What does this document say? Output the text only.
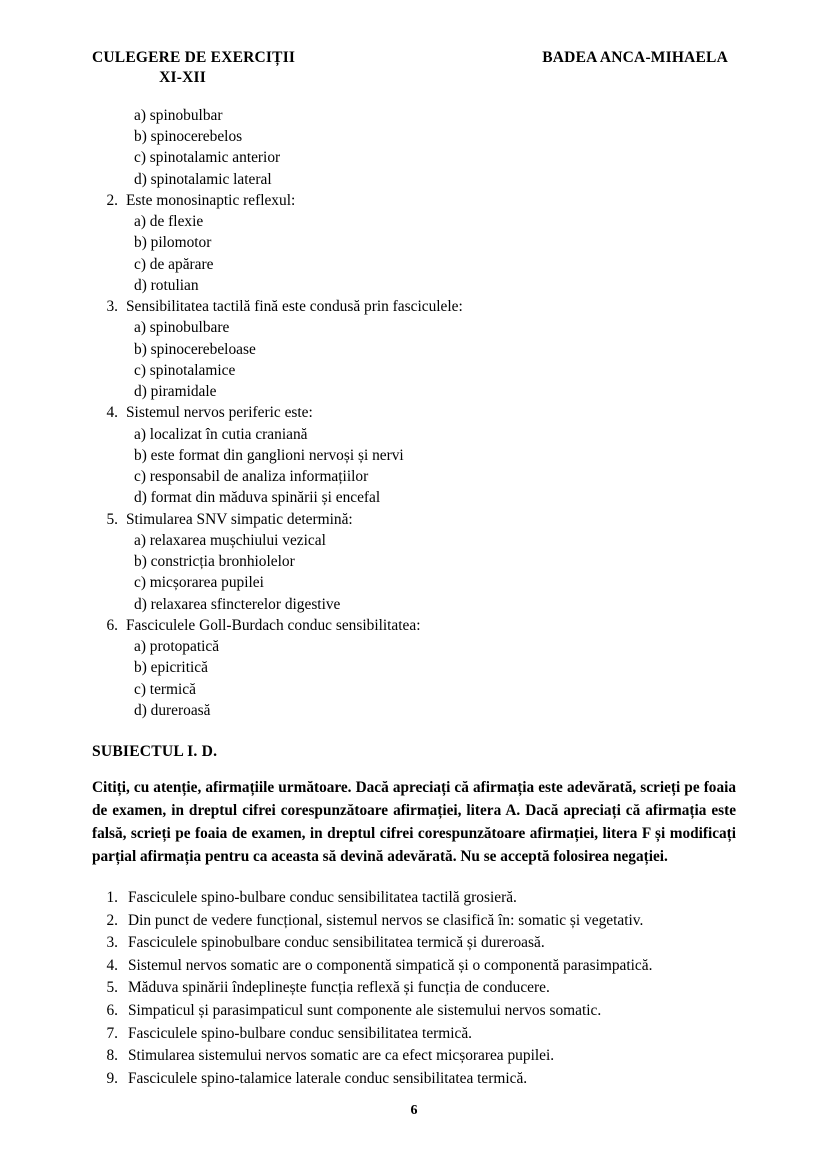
CULEGERE DE EXERCIȚII
XI-XII
BADEA ANCA-MIHAELA
a) spinobulbar
b) spinocerebelos
c) spinotalamic anterior
d) spinotalamic lateral
2. Este monosinaptic reflexul:
a) de flexie
b) pilomotor
c) de apărare
d) rotulian
3. Sensibilitatea tactilă fină este condusă prin fasciculele:
a) spinobulbare
b) spinocerebeloase
c) spinotalamice
d) piramidale
4. Sistemul nervos periferic este:
a) localizat în cutia craniană
b) este format din ganglioni nervoși și nervi
c) responsabil de analiza informațiilor
d) format din măduva spinării și encefal
5. Stimularea SNV simpatic determină:
a) relaxarea mușchiului vezical
b) constricția bronhiolelor
c) micșorarea pupilei
d) relaxarea sfincterelor digestive
6. Fasciculele Goll-Burdach conduc sensibilitatea:
a) protopatică
b) epicritică
c) termică
d) dureroasă
SUBIECTUL I. D.
Citiți, cu atenție, afirmațiile următoare. Dacă apreciați că afirmația este adevărată, scrieți pe foaia de examen, in dreptul cifrei corespunzătoare afirmației, litera A. Dacă apreciați că afirmația este falsă, scrieți pe foaia de examen, in dreptul cifrei corespunzătoare afirmației, litera F și modificați parțial afirmația pentru ca aceasta să devină adevărată. Nu se acceptă folosirea negației.
1. Fasciculele spino-bulbare conduc sensibilitatea tactilă grosieră.
2. Din punct de vedere funcțional, sistemul nervos se clasifică în: somatic și vegetativ.
3. Fasciculele spinobulbare conduc sensibilitatea termică și dureroasă.
4. Sistemul nervos somatic are o componentă simpatică și o componentă parasimpatică.
5. Măduva spinării îndeplinește funcția reflexă și funcția de conducere.
6. Simpaticul și parasimpaticul sunt componente ale sistemului nervos somatic.
7. Fasciculele spino-bulbare conduc sensibilitatea termică.
8. Stimularea sistemului nervos somatic are ca efect micșorarea pupilei.
9. Fasciculele spino-talamice laterale conduc sensibilitatea termică.
6
